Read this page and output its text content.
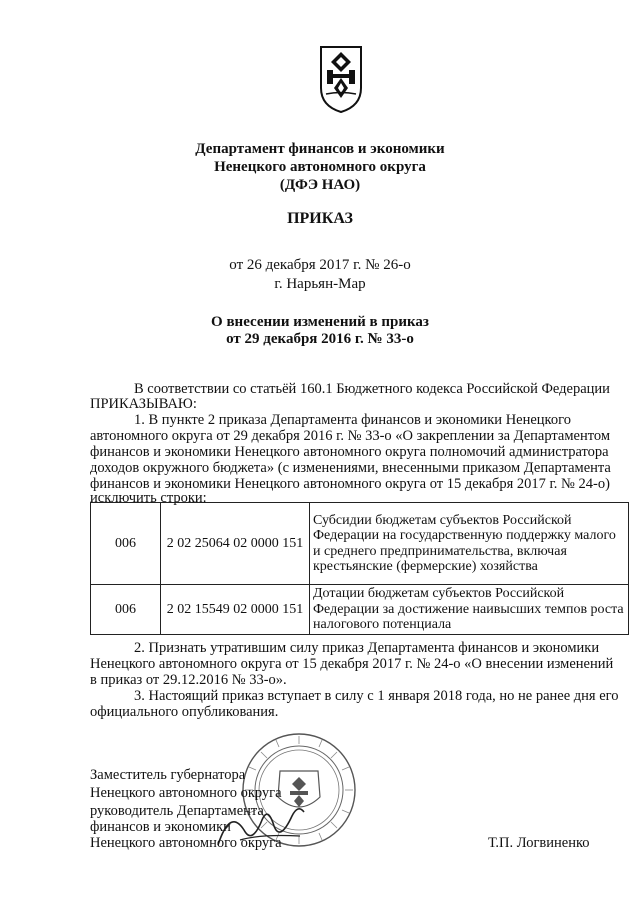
Департамент финансов и экономики
Ненецкого автономного округа
(ДФЭ НАО)
ПРИКАЗ
от 26 декабря 2017 г. № 26-о
г. Нарьян-Мар
О внесении изменений в приказ
от 29 декабря 2016 г. № 33-о
В соответствии со статьёй 160.1 Бюджетного кодекса Российской Федерации
ПРИКАЗЫВАЮ:
1. В пункте 2 приказа Департамента финансов и экономики Ненецкого
автономного округа от 29 декабря 2016 г. № 33-о «О закреплении за Департаментом
финансов и экономики Ненецкого автономного округа полномочий администратора
доходов окружного бюджета» (с изменениями, внесенными приказом Департамента
финансов и экономики Ненецкого автономного округа от 15 декабря 2017 г. № 24-о)
исключить строки:
006	2 02 25064 02 0000 151	Субсидии бюджетам субъектов Российской Федерации на государственную поддержку малого и среднего предпринимательства, включая крестьянские (фермерские) хозяйства
006	2 02 15549 02 0000 151	Дотации бюджетам субъектов Российской Федерации за достижение наивысших темпов роста налогового потенциала
2. Признать утратившим силу приказ Департамента финансов и экономики
Ненецкого автономного округа от 15 декабря 2017 г. № 24-о «О внесении изменений
в приказ от 29.12.2016 № 33-о».
3. Настоящий приказ вступает в силу с 1 января 2018 года, но не ранее дня его
официального опубликования.
Заместитель губернатора
Ненецкого автономного округа
руководитель Департамента
финансов и экономики
Ненецкого автономного округа	Т.П. Логвиненко
